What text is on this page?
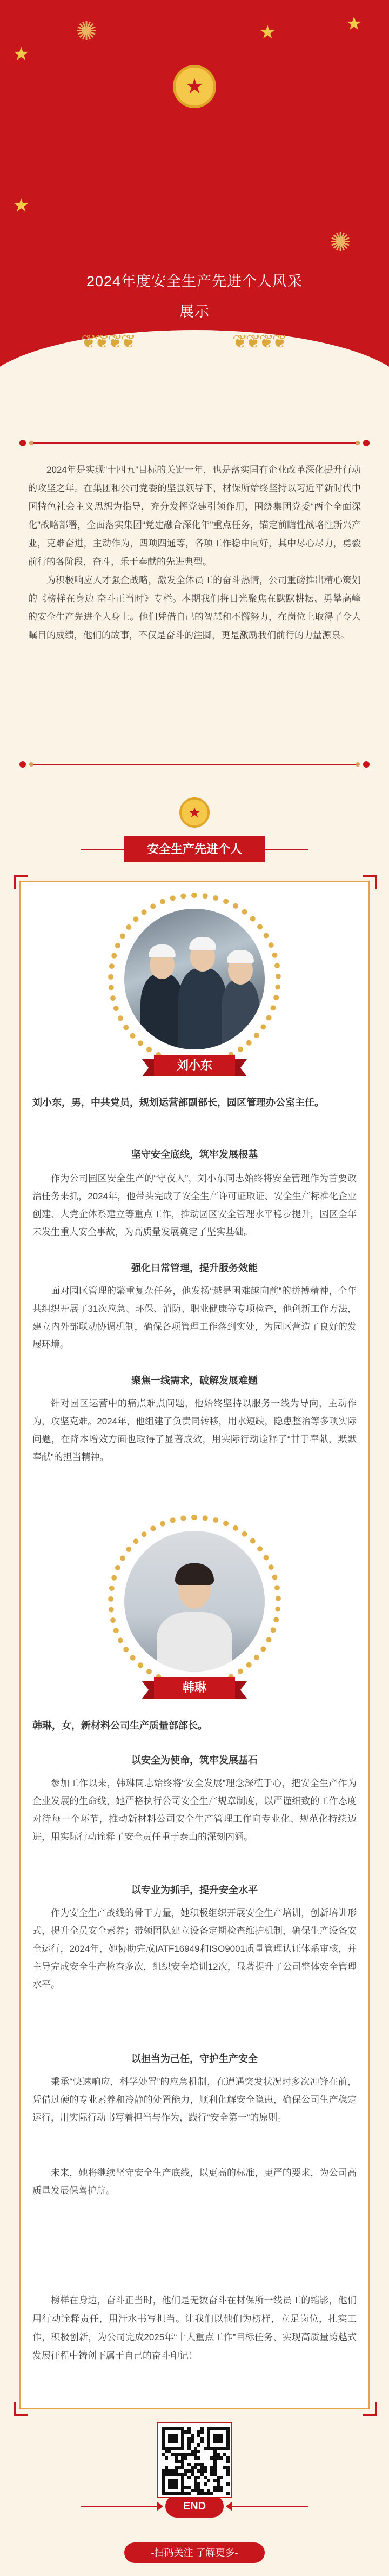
✺
✺
★
★	★
★
★
榜样在身边
奋斗正当时
2024年度安全生产先进个人风采展示
❦❦❦❦	❦❦❦❦

2024年是实现“十四五”目标的关键一年，也是落实国有企业改革深化提升行动的攻坚之年。在集团和公司党委的坚强领导下，材保所始终坚持以习近平新时代中国特色社会主义思想为指导，充分发挥党建引领作用，围绕集团党委“两个全面深化”战略部署，全面落实集团“党建融合深化年”重点任务，锚定前瞻性战略性新兴产业，克难奋进，主动作为，四项四通等，各项工作稳中向好，其中尽心尽力，勇毅前行的各阶段，奋斗，乐于奉献的先进典型。

为积极响应人才强企战略，激发全体员工的奋斗热情，公司重磅推出精心策划的《榜样在身边 奋斗正当时》专栏。本期我们将目光聚焦在默默耕耘、勇攀高峰的安全生产先进个人身上。他们凭借自己的智慧和不懈努力，在岗位上取得了令人瞩目的成绩，他们的故事，不仅是奋斗的注脚，更是激励我们前行的力量源泉。

★
安全生产先进个人
刘小东
刘小东，男，中共党员，规划运营部副部长，园区管理办公室主任。
坚守安全底线，筑牢发展根基

作为公司园区安全生产的“守夜人”，刘小东同志始终将安全管理作为首要政治任务来抓，2024年，他带头完成了安全生产许可证取证、安全生产标准化企业创建、大党企体系建立等重点工作，推动园区安全管理水平稳步提升，园区全年未发生重大安全事故，为高质量发展奠定了坚实基础。

强化日常管理，提升服务效能

面对园区管理的繁重复杂任务，他发扬“越是困难越向前”的拼搏精神，全年共组织开展了31次应急、环保、消防、职业健康等专项检查，他创新工作方法，建立内外部联动协调机制，确保各项管理工作落到实处，为园区营造了良好的发展环境。

聚焦一线需求，破解发展难题

针对园区运营中的痛点难点问题，他始终坚持以服务一线为导向，主动作为，攻坚克难。2024年，他组建了负责同转移，用水短缺，隐患整治等多项实际问题，在降本增效方面也取得了显著成效，用实际行动诠释了“甘于奉献，默默奉献”的担当精神。

韩琳
韩琳，女，新材料公司生产质量部部长。
以安全为使命，筑牢发展基石

参加工作以来，韩琳同志始终将“安全发展”理念深植于心，把安全生产作为企业发展的生命线，她严格执行公司安全生产规章制度，以严谨细致的工作态度对待每一个环节，推动新材料公司安全生产管理工作向专业化、规范化持续迈进，用实际行动诠释了安全责任重于泰山的深刻内涵。

以专业为抓手，提升安全水平

作为安全生产战线的骨干力量，她积极组织开展安全生产培训，创新培训形式，提升全员安全素养；带领团队建立设备定期检查维护机制，确保生产设备安全运行，2024年，她协助完成IATF16949和ISO9001质量管理认证体系审核，并主导完成安全生产检查多次，组织安全培训12次，显著提升了公司整体安全管理水平。

以担当为己任，守护生产安全

秉承“快速响应，科学处置”的应急机制，在遭遇突发状况时多次冲锋在前，凭借过硬的专业素养和冷静的处置能力，顺利化解安全隐患，确保公司生产稳定运行，用实际行动书写着担当与作为，践行“安全第一”的原则。

未来，她将继续坚守安全生产底线，以更高的标准，更严的要求，为公司高质量发展保驾护航。

榜样在身边，奋斗正当时，他们是无数奋斗在材保所一线员工的缩影，他们用行动诠释责任，用汗水书写担当。让我们以他们为榜样，立足岗位，扎实工作，积极创新，为公司完成2025年“十大重点工作”目标任务、实现高质量跨越式发展征程中铸创下属于自己的奋斗印记！

END
-扫码关注 了解更多-
